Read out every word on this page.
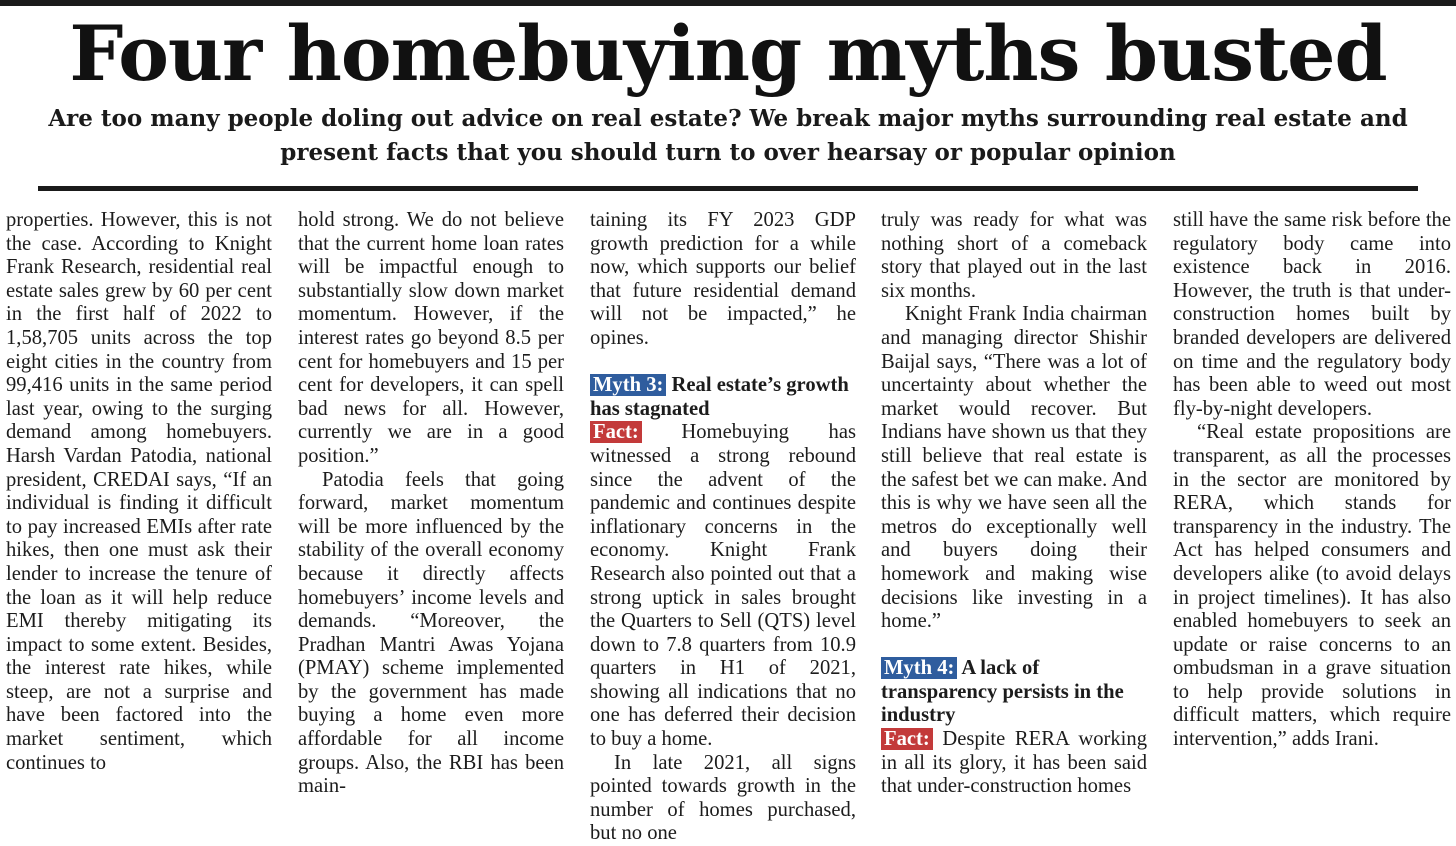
Four homebuying myths busted

Are too many people doling out advice on real estate? We break major myths surrounding real estate and present facts that you should turn to over hearsay or popular opinion

properties. However, this is not the case. According to Knight Frank Research, residential real estate sales grew by 60 per cent in the first half of 2022 to 1,58,705 units across the top eight cities in the country from 99,416 units in the same period last year, owing to the surging demand among homebuyers. Harsh Vardan Patodia, national president, CREDAI says, “If an individual is finding it difficult to pay increased EMIs after rate hikes, then one must ask their lender to increase the tenure of the loan as it will help reduce EMI thereby mitigating its impact to some extent. Besides, the interest rate hikes, while steep, are not a surprise and have been factored into the market sentiment, which continues to

hold strong. We do not believe that the current home loan rates will be impactful enough to substantially slow down market momentum. However, if the interest rates go beyond 8.5 per cent for homebuyers and 15 per cent for developers, it can spell bad news for all. However, currently we are in a good position.”

Patodia feels that going forward, market momentum will be more influenced by the stability of the overall economy because it directly affects homebuyers’ income levels and demands. “Moreover, the Pradhan Mantri Awas Yojana (PMAY) scheme implemented by the government has made buying a home even more affordable for all income groups. Also, the RBI has been main-

taining its FY 2023 GDP growth prediction for a while now, which supports our belief that future residential demand will not be impacted,” he opines.

Myth 3: Real estate’s growth has stagnated

Fact: Homebuying has witnessed a strong rebound since the advent of the pandemic and continues despite inflationary concerns in the economy. Knight Frank Research also pointed out that a strong uptick in sales brought the Quarters to Sell (QTS) level down to 7.8 quarters from 10.9 quarters in H1 of 2021, showing all indications that no one has deferred their decision to buy a home.

In late 2021, all signs pointed towards growth in the number of homes purchased, but no one

truly was ready for what was nothing short of a comeback story that played out in the last six months.

Knight Frank India chairman and managing director Shishir Baijal says, “There was a lot of uncertainty about whether the market would recover. But Indians have shown us that they still believe that real estate is the safest bet we can make. And this is why we have seen all the metros do exceptionally well and buyers doing their homework and making wise decisions like investing in a home.”

Myth 4: A lack of transparency persists in the industry

Fact: Despite RERA working in all its glory, it has been said that under-construction homes

still have the same risk before the regulatory body came into existence back in 2016. However, the truth is that under-construction homes built by branded developers are delivered on time and the regulatory body has been able to weed out most fly-by-night developers.

“Real estate propositions are transparent, as all the processes in the sector are monitored by RERA, which stands for transparency in the industry. The Act has helped consumers and developers alike (to avoid delays in project timelines). It has also enabled homebuyers to seek an update or raise concerns to an ombudsman in a grave situation to help provide solutions in difficult matters, which require intervention,” adds Irani.
